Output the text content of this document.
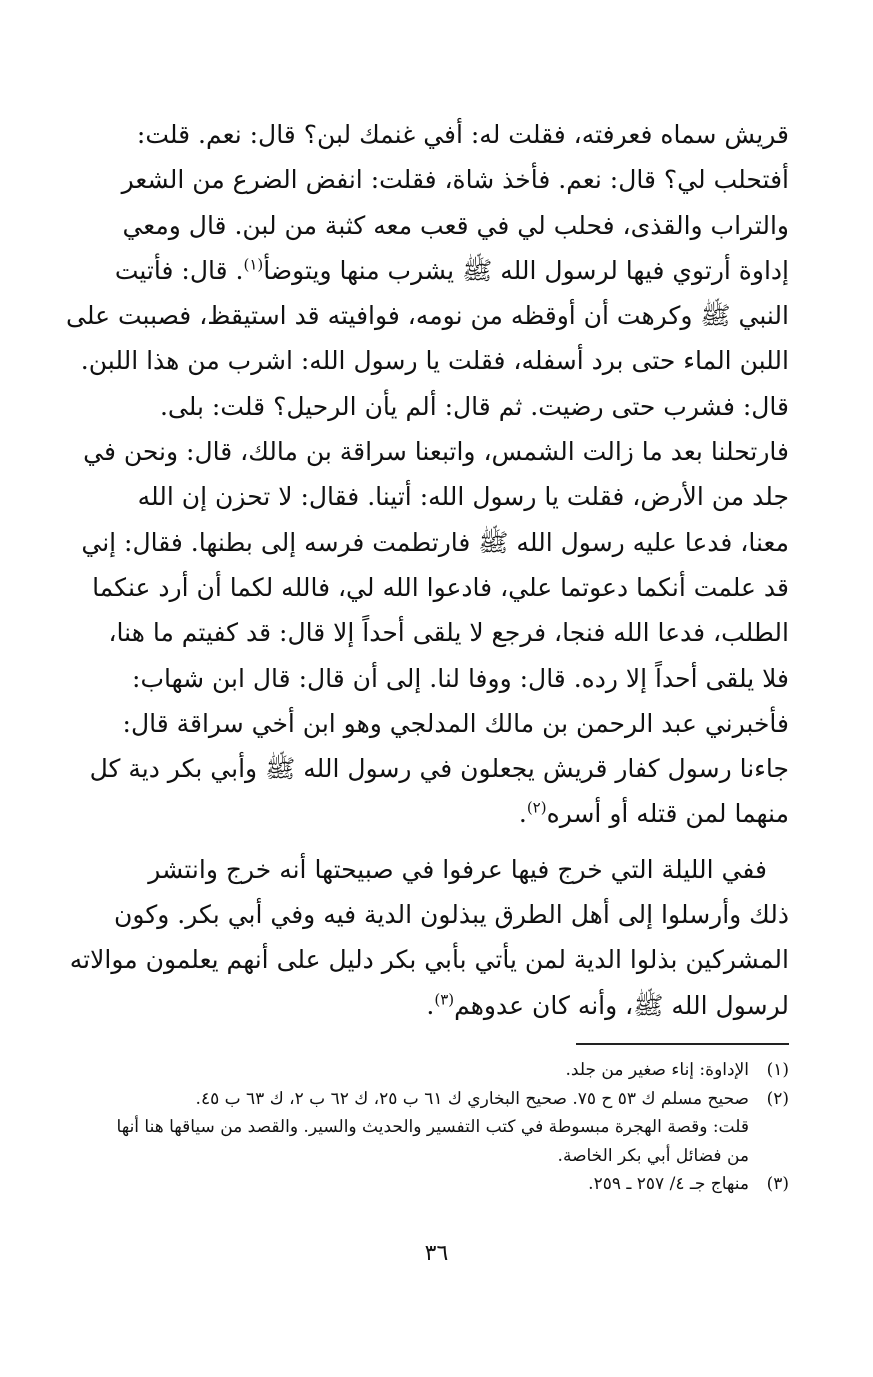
قريش سماه فعرفته، فقلت له: أفي غنمك لبن؟ قال: نعم. قلت:
أفتحلب لي؟ قال: نعم. فأخذ شاة، فقلت: انفض الضرع من الشعر
والتراب والقذى، فحلب لي في قعب معه كثبة من لبن. قال ومعي
إداوة أرتوي فيها لرسول الله ﷺ يشرب منها ويتوضأ$^{(١)}$. قال: فأتيت
النبي ﷺ وكرهت أن أوقظه من نومه، فوافيته قد استيقظ، فصببت على
اللبن الماء حتى برد أسفله، فقلت يا رسول الله: اشرب من هذا اللبن.
قال: فشرب حتى رضيت. ثم قال: ألم يأن الرحيل؟ قلت: بلى.
فارتحلنا بعد ما زالت الشمس، واتبعنا سراقة بن مالك، قال: ونحن في
جلد من الأرض، فقلت يا رسول الله: أتينا. فقال: لا تحزن إن الله
معنا، فدعا عليه رسول الله ﷺ فارتطمت فرسه إلى بطنها. فقال: إني
قد علمت أنكما دعوتما علي، فادعوا الله لي، فالله لكما أن أرد عنكما
الطلب، فدعا الله فنجا، فرجع لا يلقى أحداً إلا قال: قد كفيتم ما هنا،
فلا يلقى أحداً إلا رده. قال: ووفا لنا. إلى أن قال: قال ابن شهاب:
فأخبرني عبد الرحمن بن مالك المدلجي وهو ابن أخي سراقة قال:
جاءنا رسول كفار قريش يجعلون في رسول الله ﷺ وأبي بكر دية كل
منهما لمن قتله أو أسره$^{(٢)}$.

ففي الليلة التي خرج فيها عرفوا في صبيحتها أنه خرج وانتشر
ذلك وأرسلوا إلى أهل الطرق يبذلون الدية فيه وفي أبي بكر. وكون
المشركين بذلوا الدية لمن يأتي بأبي بكر دليل على أنهم يعلمون موالاته
لرسول الله ﷺ، وأنه كان عدوهم$^{(٣)}$.

(١)
الإداوة: إناء صغير من جلد.
(٢)
صحيح مسلم ك ٥٣ ح ٧٥. صحيح البخاري ك ٦١ ب ٢٥، ك ٦٢ ب ٢، ك ٦٣ ب ٤٥.
قلت: وقصة الهجرة مبسوطة في كتب التفسير والحديث والسير. والقصد من سياقها هنا أنها
من فضائل أبي بكر الخاصة.
(٣)
منهاج جـ ٤/ ٢٥٧ ـ ٢٥٩.
٣٦
